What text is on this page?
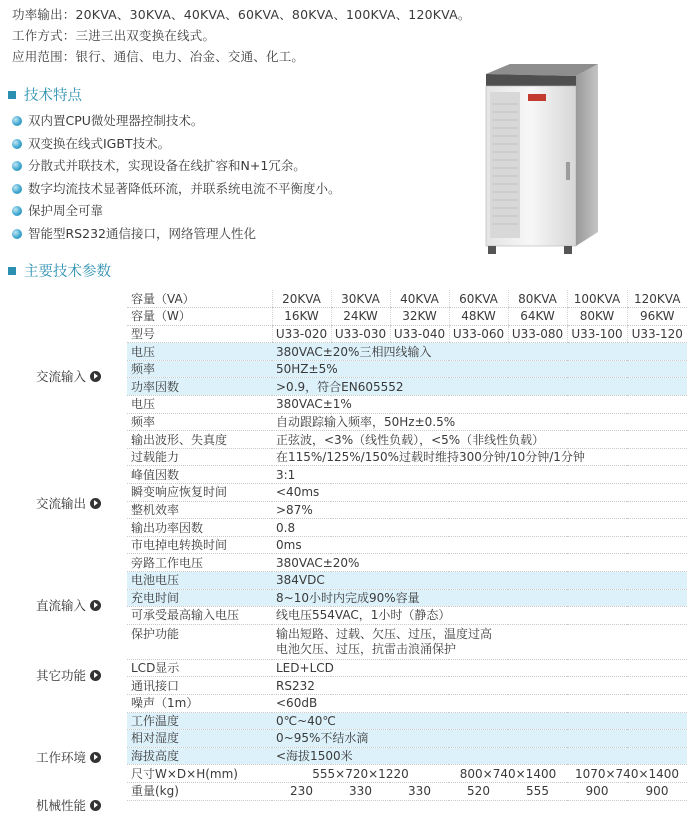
功率输出：20KVA、30KVA、40KVA、60KVA、80KVA、100KVA、120KVA。
工作方式：三进三出双变换在线式。
应用范围：银行、通信、电力、冶金、交通、化工。
技术特点
双内置CPU微处理器控制技术。
双变换在线式IGBT技术。
分散式并联技术，实现设备在线扩容和N+1冗余。
数字均流技术显著降低环流，并联系统电流不平衡度小。
保护周全可靠
智能型RS232通信接口，网络管理人性化
主要技术参数
交流输入
交流输出
直流输入
其它功能
工作环境
机械性能
容量（VA）	20KVA	30KVA	40KVA	60KVA	80KVA	100KVA	120KVA
容量（W）	16KW	24KW	32KW	48KW	64KW	80KW	96KW
型号	U33-020	U33-030	U33-040	U33-060	U33-080	U33-100	U33-120
电压	380VAC±20%三相四线输入						
频率	50HZ±5%						
功率因数	>0.9，符合EN605552						
电压	380VAC±1%						
频率	自动跟踪输入频率，50Hz±0.5%						
输出波形、失真度	正弦波，<3%（线性负载），<5%（非线性负载）						
过载能力	在115%/125%/150%过载时维持300分钟/10分钟/1分钟						
峰值因数	3:1						
瞬变响应恢复时间	<40ms						
整机效率	>87%						
输出功率因数	0.8						
市电掉电转换时间	0ms						
旁路工作电压	380VAC±20%						
电池电压	384VDC						
充电时间	8~10小时内完成90%容量						
可承受最高输入电压	线电压554VAC，1小时（静态）						
保护功能	输出短路、过载、欠压、过压，温度过高
电池欠压、过压，抗雷击浪涌保护						

LCD显示	LED+LCD						
通讯接口	RS232						
噪声（1m）	<60dB						
工作温度	0℃~40℃						
相对湿度	0~95%不结水滴						
海拔高度	<海拔1500米						
尺寸W×D×H(mm)	555×720×1220			800×740×1400		1070×740×1400	
重量(kg)	230	330	330	520	555	900	900
